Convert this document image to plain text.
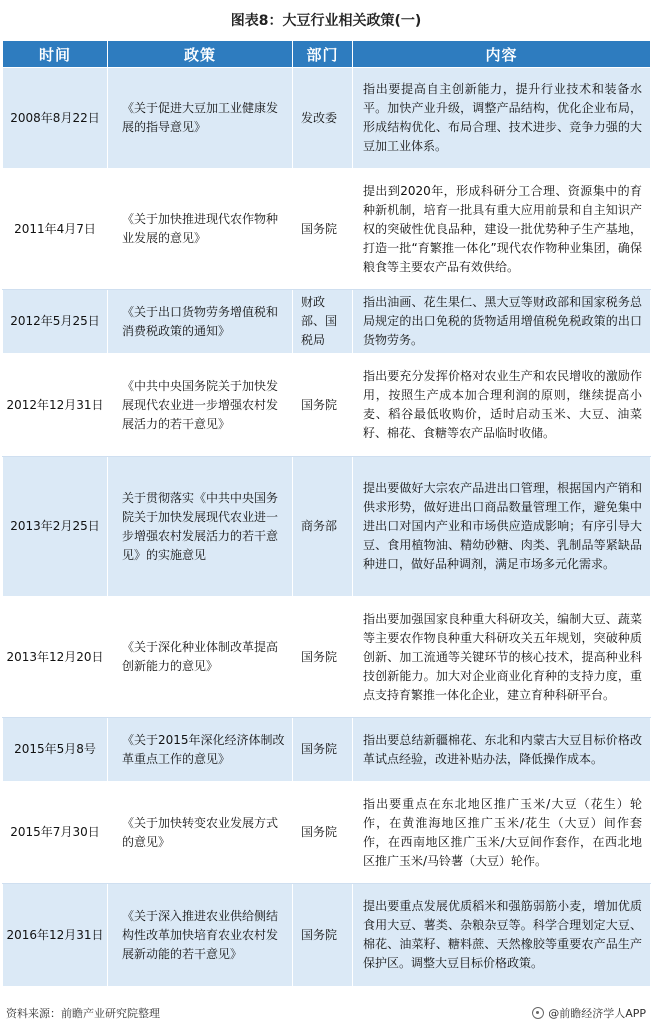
图表8：大豆行业相关政策(一)
时间	政策	部门	内容
2008年8月22日	《关于促进大豆加工业健康发展的指导意见》	发改委	指出要提高自主创新能力，提升行业技术和装备水平。加快产业升级，调整产品结构，优化企业布局，形成结构优化、布局合理、技术进步、竞争力强的大豆加工业体系。
2011年4月7日	《关于加快推进现代农作物种业发展的意见》	国务院	提出到2020年，形成科研分工合理、资源集中的育种新机制，培育一批具有重大应用前景和自主知识产权的突破性优良品种，建设一批优势种子生产基地，打造一批“育繁推一体化”现代农作物种业集团，确保粮食等主要农产品有效供给。
2012年5月25日	《关于出口货物劳务增值税和消费税政策的通知》	财政部、国税局	指出油画、花生果仁、黑大豆等财政部和国家税务总局规定的出口免税的货物适用增值税免税政策的出口货物劳务。
2012年12月31日	《中共中央国务院关于加快发展现代农业进一步增强农村发展活力的若干意见》	国务院	指出要充分发挥价格对农业生产和农民增收的激励作用，按照生产成本加合理利润的原则，继续提高小麦、稻谷最低收购价，适时启动玉米、大豆、油菜籽、棉花、食糖等农产品临时收储。
2013年2月25日	关于贯彻落实《中共中央国务院关于加快发展现代农业进一步增强农村发展活力的若干意见》的实施意见	商务部	提出要做好大宗农产品进出口管理，根据国内产销和供求形势，做好进出口商品数量管理工作，避免集中进出口对国内产业和市场供应造成影响；有序引导大豆、食用植物油、精幼砂糖、肉类、乳制品等紧缺品种进口，做好品种调剂，满足市场多元化需求。
2013年12月20日	《关于深化种业体制改革提高创新能力的意见》	国务院	指出要加强国家良种重大科研攻关，编制大豆、蔬菜等主要农作物良种重大科研攻关五年规划，突破种质创新、加工流通等关键环节的核心技术，提高种业科技创新能力。加大对企业商业化育种的支持力度，重点支持育繁推一体化企业，建立育种科研平台。
2015年5月8号	《关于2015年深化经济体制改革重点工作的意见》	国务院	指出要总结新疆棉花、东北和内蒙古大豆目标价格改革试点经验，改进补贴办法，降低操作成本。
2015年7月30日	《关于加快转变农业发展方式的意见》	国务院	指出要重点在东北地区推广玉米/大豆（花生）轮作，在黄淮海地区推广玉米/花生（大豆）间作套作，在西南地区推广玉米/大豆间作套作，在西北地区推广玉米/马铃薯（大豆）轮作。
2016年12月31日	《关于深入推进农业供给侧结构性改革加快培育农业农村发展新动能的若干意见》	国务院	提出要重点发展优质稻米和强筋弱筋小麦，增加优质食用大豆、薯类、杂粮杂豆等。科学合理划定大豆、棉花、油菜籽、糖料蔗、天然橡胶等重要农产品生产保护区。调整大豆目标价格政策。
资料来源：前瞻产业研究院整理	@前瞻经济学人APP
